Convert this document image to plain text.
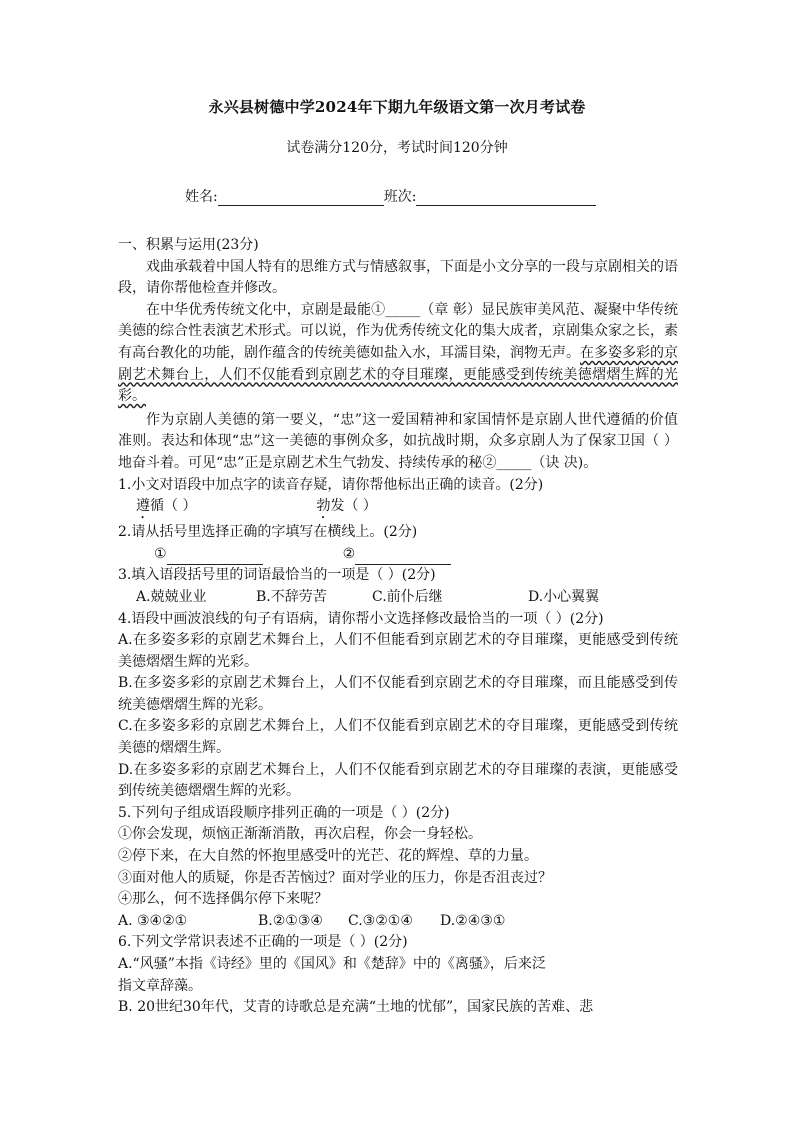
永兴县树德中学2024年下期九年级语文第一次月考试卷
试卷满分120分，考试时间120分钟
姓名:	班次:

一、积累与运用(23分)

戏曲承载着中国人特有的思维方式与情感叙事，下面是小文分享的一段与京剧相关的语段，请你帮他检查并修改。

在中华优秀传统文化中，京剧是最能①_____（章 彰）显民族审美风范、凝聚中华传统美德的综合性表演艺术形式。可以说，作为优秀传统文化的集大成者，京剧集众家之长，素有高台教化的功能，剧作蕴含的传统美德如盐入水，耳濡目染，润物无声。在多姿多彩的京剧艺术舞台上，人们不仅能看到京剧艺术的夺目璀璨，更能感受到传统美德熠熠生辉的光彩。

作为京剧人美德的第一要义，“忠”这一爱国精神和家国情怀是京剧人世代遵循的价值准则。表达和体现“忠”这一美德的事例众多，如抗战时期，众多京剧人为了保家卫国（ ）地奋斗着。可见“忠”正是京剧艺术生气勃发、持续传承的秘②_____（诀 决)。

1.小文对语段中加点字的读音存疑，请你帮他标出正确的读音。(2分)

遵循（ ）	勃发（ ）

2.请从括号里选择正确的字填写在横线上。(2分)

①	②

3.填入语段括号里的词语最恰当的一项是（ ）(2分)

A.兢兢业业	B.不辞劳苦	C.前仆后继	D.小心翼翼

4.语段中画波浪线的句子有语病，请你帮小文选择修改最恰当的一项（ ）(2分)

A.在多姿多彩的京剧艺术舞台上，人们不但能看到京剧艺术的夺目璀璨，更能感受到传统美德熠熠生辉的光彩。

B.在多姿多彩的京剧艺术舞台上，人们不仅能看到京剧艺术的夺目璀璨，而且能感受到传统美德熠熠生辉的光彩。

C.在多姿多彩的京剧艺术舞台上，人们不仅能看到京剧艺术的夺目璀璨，更能感受到传统美德的熠熠生辉。

D.在多姿多彩的京剧艺术舞台上，人们不仅能看到京剧艺术的夺目璀璨的表演，更能感受到传统美德熠熠生辉的光彩。

5.下列句子组成语段顺序排列正确的一项是（ ）(2分)

①你会发现，烦恼正渐渐消散，再次启程，你会一身轻松。

②停下来，在大自然的怀抱里感受叶的光芒、花的辉煌、草的力量。

③面对他人的质疑，你是否苦恼过？面对学业的压力，你是否沮丧过？

④那么，何不选择偶尔停下来呢？

A. ③④②①	B.②①③④ C.③②①④ D.②④③①

6.下列文学常识表述不正确的一项是（ ）(2分)

A.“风骚”本指《诗经》里的《国风》和《楚辞》中的《离骚》，后来泛

指文章辞藻。

B. 20世纪30年代，艾青的诗歌总是充满“土地的忧郁”，国家民族的苦难、悲
